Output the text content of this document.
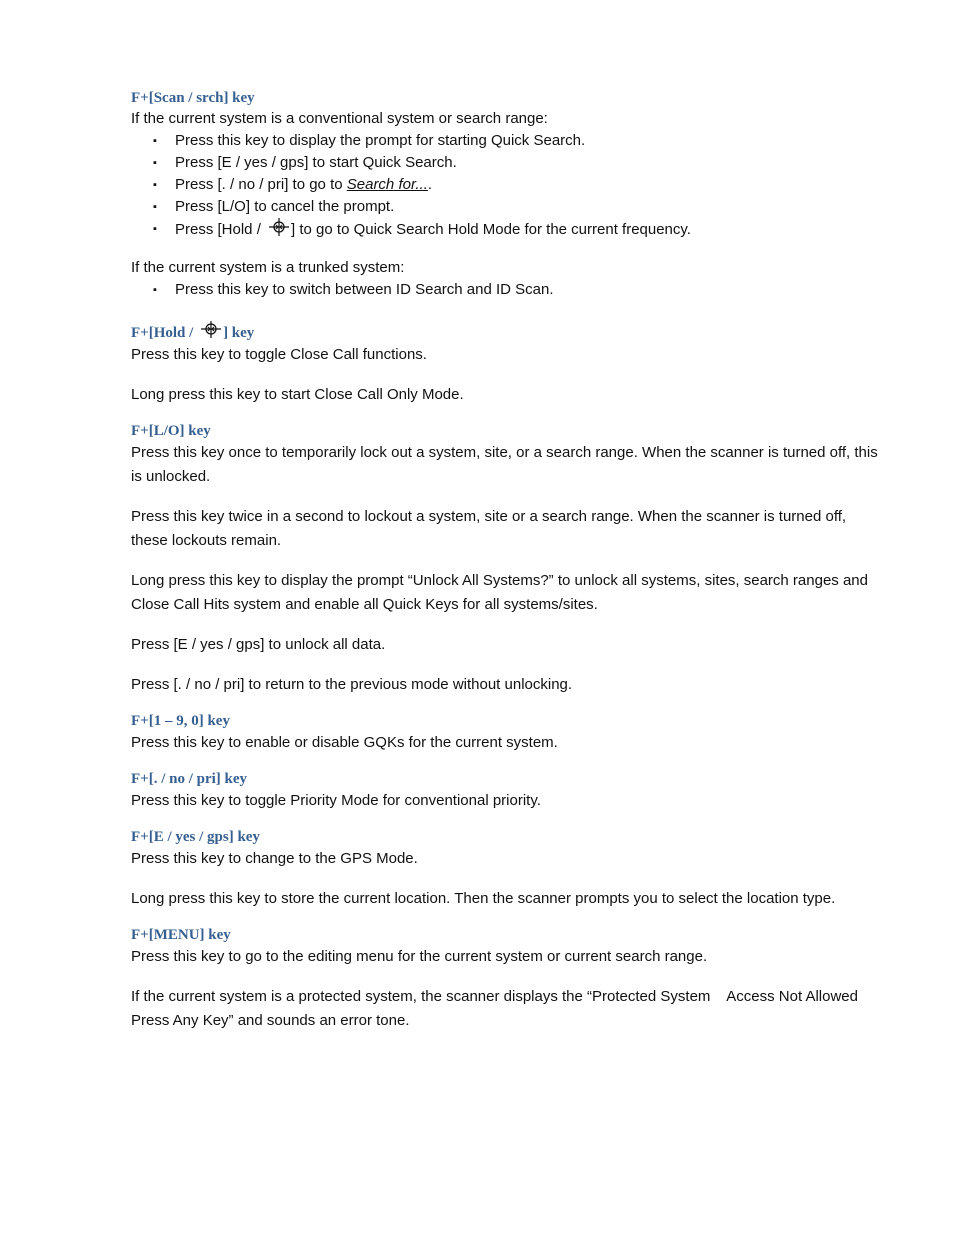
F+[Scan / srch] key

If the current system is a conventional system or search range:

▪ Press this key to display the prompt for starting Quick Search.
▪ Press [E / yes / gps] to start Quick Search.
▪ Press [. / no / pri] to go to Search for....
▪ Press [L/O] to cancel the prompt.
▪ Press [Hold /
] to go to Quick Search Hold Mode for the current frequency.

If the current system is a trunked system:

▪ Press this key to switch between ID Search and ID Scan.

F+[Hold /
] key

Press this key to toggle Close Call functions.

Long press this key to start Close Call Only Mode.

F+[L/O] key

Press this key once to temporarily lock out a system, site, or a search range. When the scanner is turned off, this is unlocked.

Press this key twice in a second to lockout a system, site or a search range. When the scanner is turned off, these lockouts remain.

Long press this key to display the prompt “Unlock All Systems?” to unlock all systems, sites, search ranges and Close Call Hits system and enable all Quick Keys for all systems/sites.

Press [E / yes / gps] to unlock all data.

Press [. / no / pri] to return to the previous mode without unlocking.

F+[1 – 9, 0] key

Press this key to enable or disable GQKs for the current system.

F+[. / no / pri] key

Press this key to toggle Priority Mode for conventional priority.

F+[E / yes / gps] key

Press this key to change to the GPS Mode.

Long press this key to store the current location. Then the scanner prompts you to select the location type.

F+[MENU] key

Press this key to go to the editing menu for the current system or current search range.

If the current system is a protected system, the scanner displays the “Protected System    Access Not Allowed Press Any Key” and sounds an error tone.
